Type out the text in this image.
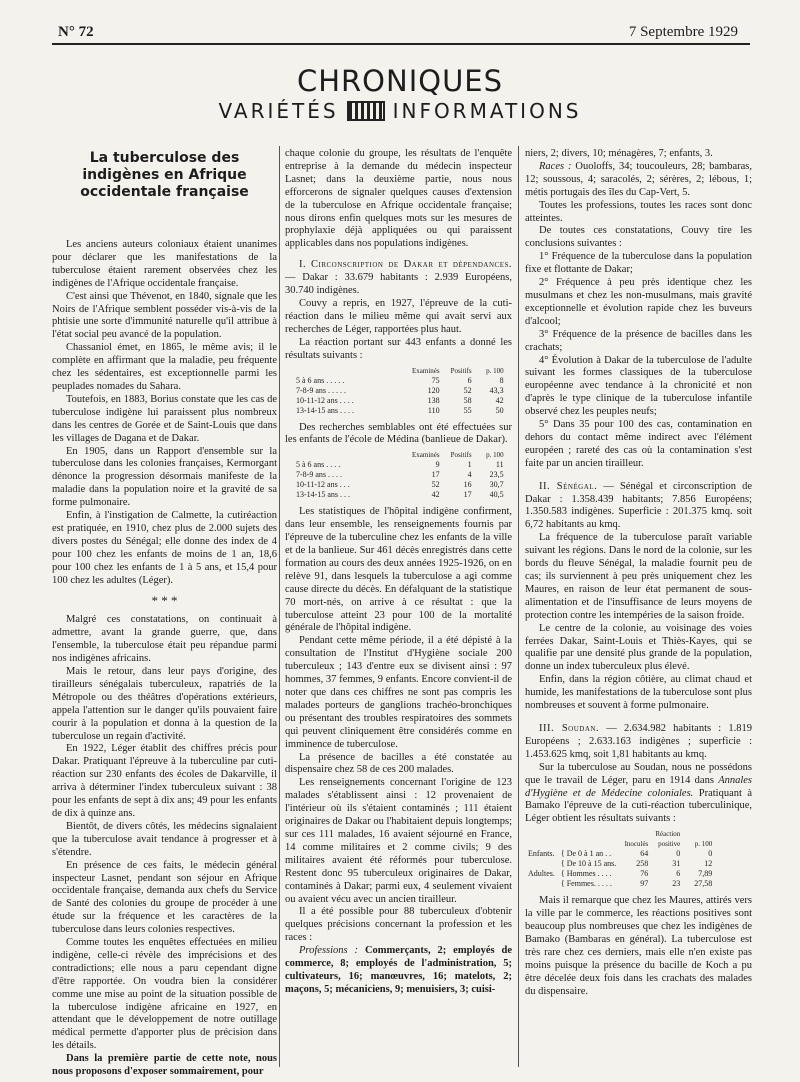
N° 72	7 Septembre 1929
CHRONIQUES
VARIÉTÉS	INFORMATIONS
La tuberculose des indigènes en Afrique occidentale française

Les anciens auteurs coloniaux étaient unanimes pour déclarer que les manifestations de la tuberculose étaient rarement observées chez les indigènes de l'Afrique occidentale française.

C'est ainsi que Thévenot, en 1840, signale que les Noirs de l'Afrique semblent posséder vis-à-vis de la phtisie une sorte d'immunité naturelle qu'il attribue à l'état social peu avancé de la population.

Chassaniol émet, en 1865, le même avis; il le complète en affirmant que la maladie, peu fréquente chez les sédentaires, est exceptionnelle parmi les peuplades nomades du Sahara.

Toutefois, en 1883, Borius constate que les cas de tuberculose indigène lui paraissent plus nombreux dans les centres de Gorée et de Saint-Louis que dans les villages de Dagana et de Dakar.

En 1905, dans un Rapport d'ensemble sur la tuberculose dans les colonies françaises, Kermorgant dénonce la progression désormais manifeste de la maladie dans la population noire et la gravité de sa forme pulmonaire.

Enfin, à l'instigation de Calmette, la cutiréaction est pratiquée, en 1910, chez plus de 2.000 sujets des divers postes du Sénégal; elle donne des index de 4 pour 100 chez les enfants de moins de 1 an, 18,6 pour 100 chez les enfants de 1 à 5 ans, et 15,4 pour 100 chez les adultes (Léger).

* * *

Malgré ces constatations, on continuait à admettre, avant la grande guerre, que, dans l'ensemble, la tuberculose était peu répandue parmi nos indigènes africains.

Mais le retour, dans leur pays d'origine, des tirailleurs sénégalais tuberculeux, rapatriés de la Métropole ou des théâtres d'opérations extérieurs, appela l'attention sur le danger qu'ils pouvaient faire courir à la population et donna à la question de la tuberculose un regain d'activité.

En 1922, Léger établit des chiffres précis pour Dakar. Pratiquant l'épreuve à la tuberculine par cuti-réaction sur 230 enfants des écoles de Dakarville, il arriva à déterminer l'index tuberculeux suivant : 38 pour les enfants de sept à dix ans; 49 pour les enfants de dix à quinze ans.

Bientôt, de divers côtés, les médecins signalaient que la tuberculose avait tendance à progresser et à s'étendre.

En présence de ces faits, le médecin général inspecteur Lasnet, pendant son séjour en Afrique occidentale française, demanda aux chefs du Service de Santé des colonies du groupe de procéder à une étude sur la fréquence et les caractères de la tuberculose dans leurs colonies respectives.

Comme toutes les enquêtes effectuées en milieu indigène, celle-ci révèle des imprécisions et des contradictions; elle nous a paru cependant digne d'être rapportée. On voudra bien la considérer comme une mise au point de la situation possible de la tuberculose indigène africaine en 1927, en attendant que le développement de notre outillage médical permette d'apporter plus de précision dans les détails.

Dans la première partie de cette note, nous nous proposons d'exposer sommairement, pour

chaque colonie du groupe, les résultats de l'enquête entreprise à la demande du médecin inspecteur Lasnet; dans la deuxième partie, nous nous efforcerons de signaler quelques causes d'extension de la tuberculose en Afrique occidentale française; nous dirons enfin quelques mots sur les mesures de prophylaxie déjà appliquées ou qui paraissent applicables dans nos populations indigènes.

I. Circonscription de Dakar et dépendances. — Dakar : 33.679 habitants : 2.939 Européens, 30.740 indigènes.

Couvy a repris, en 1927, l'épreuve de la cuti-réaction dans le milieu même qui avait servi aux recherches de Léger, rapportées plus haut.

La réaction portant sur 443 enfants a donné les résultats suivants :

	Examinés	Positifs	p. 100
5 à 6 ans . . . . .	75	6	8
7-8-9 ans . . . . .	120	52	43,3
10-11-12 ans . . . .	138	58	42
13-14-15 ans . . . .	110	55	50

Des recherches semblables ont été effectuées sur les enfants de l'école de Médina (banlieue de Dakar).

	Examinés	Positifs	p. 100
5 à 6 ans . . . .	9	1	11
7-8-9 ans . . . .	17	4	23,5
10-11-12 ans . . .	52	16	30,7
13-14-15 ans . . .	42	17	40,5

Les statistiques de l'hôpital indigène confirment, dans leur ensemble, les renseignements fournis par l'épreuve de la tuberculine chez les enfants de la ville et de la banlieue. Sur 461 décès enregistrés dans cette formation au cours des deux années 1925-1926, on en relève 91, dans lesquels la tuberculose a agi comme cause directe du décès. En défalquant de la statistique 70 mort-nés, on arrive à ce résultat : que la tuberculose atteint 23 pour 100 de la mortalité générale de l'hôpital indigène.

Pendant cette même période, il a été dépisté à la consultation de l'Institut d'Hygiène sociale 200 tuberculeux ; 143 d'entre eux se divisent ainsi : 97 hommes, 37 femmes, 9 enfants. Encore convient-il de noter que dans ces chiffres ne sont pas compris les malades porteurs de ganglions trachéo-bronchiques ou présentant des troubles respiratoires des sommets qui peuvent cliniquement être considérés comme en imminence de tuberculose.

La présence de bacilles a été constatée au dispensaire chez 58 de ces 200 malades.

Les renseignements concernant l'origine de 123 malades s'établissent ainsi : 12 provenaient de l'intérieur où ils s'étaient contaminés ; 111 étaient originaires de Dakar ou l'habitaient depuis longtemps; sur ces 111 malades, 16 avaient séjourné en France, 14 comme militaires et 2 comme civils; 9 des militaires avaient été réformés pour tuberculose. Restent donc 95 tuberculeux originaires de Dakar, contaminés à Dakar; parmi eux, 4 seulement vivaient ou avaient vécu avec un ancien tirailleur.

Il a été possible pour 88 tuberculeux d'obtenir quelques précisions concernant la profession et les races :

Professions : Commerçants, 2; employés de commerce, 8; employés de l'administration, 5; cultivateurs, 16; manœuvres, 16; matelots, 2; maçons, 5; mécaniciens, 9; menuisiers, 3; cuisi-

niers, 2; divers, 10; ménagères, 7; enfants, 3.

Races : Ouoloffs, 34; toucouleurs, 28; bambaras, 12; soussous, 4; saracolés, 2; sérères, 2; lébous, 1; métis portugais des îles du Cap-Vert, 5.

Toutes les professions, toutes les races sont donc atteintes.

De toutes ces constatations, Couvy tire les conclusions suivantes :

1° Fréquence de la tuberculose dans la population fixe et flottante de Dakar;

2° Fréquence à peu près identique chez les musulmans et chez les non-musulmans, mais gravité exceptionnelle et évolution rapide chez les buveurs d'alcool;

3° Fréquence de la présence de bacilles dans les crachats;

4° Évolution à Dakar de la tuberculose de l'adulte suivant les formes classiques de la tuberculose européenne avec tendance à la chronicité et non d'après le type clinique de la tuberculose infantile observé chez les peuples neufs;

5° Dans 35 pour 100 des cas, contamination en dehors du contact même indirect avec l'élément européen ; rareté des cas où la contamination s'est faite par un ancien tirailleur.

II. Sénégal. — Sénégal et circonscription de Dakar : 1.358.439 habitants; 7.856 Européens; 1.350.583 indigènes. Superficie : 201.375 kmq. soit 6,72 habitants au kmq.

La fréquence de la tuberculose paraît variable suivant les régions. Dans le nord de la colonie, sur les bords du fleuve Sénégal, la maladie fournit peu de cas; ils surviennent à peu près uniquement chez les Maures, en raison de leur état permanent de sous-alimentation et de l'insuffisance de leurs moyens de protection contre les intempéries de la saison froide.

Le centre de la colonie, au voisinage des voies ferrées Dakar, Saint-Louis et Thiès-Kayes, qui se qualifie par une densité plus grande de la population, donne un index tuberculeux plus élevé.

Enfin, dans la région côtière, au climat chaud et humide, les manifestations de la tuberculose sont plus nombreuses et souvent à forme pulmonaire.

III. Soudan. — 2.634.982 habitants : 1.819 Européens ; 2.633.163 indigènes ; superficie : 1.453.625 kmq, soit 1,81 habitants au kmq.

Sur la tuberculose au Soudan, nous ne possédons que le travail de Léger, paru en 1914 dans Annales d'Hygiène et de Médecine coloniales. Pratiquant à Bamako l'épreuve de la cuti-réaction tuberculinique, Léger obtient les résultats suivants :

			Réaction	
		Inoculés	positive	p. 100
Enfants.	{ De 0 à 1 an . .	64	0	0
	{ De 10 à 15 ans.	258	31	12
Adultes.	{ Hommes . . . .	76	6	7,89
	{ Femmes. . . . .	97	23	27,58

Mais il remarque que chez les Maures, attirés vers la ville par le commerce, les réactions positives sont beaucoup plus nombreuses que chez les indigènes de Bamako (Bambaras en général). La tuberculose est très rare chez ces derniers, mais elle n'en existe pas moins puisque la présence du bacille de Koch a pu être décelée deux fois dans les crachats des malades du dispensaire.
